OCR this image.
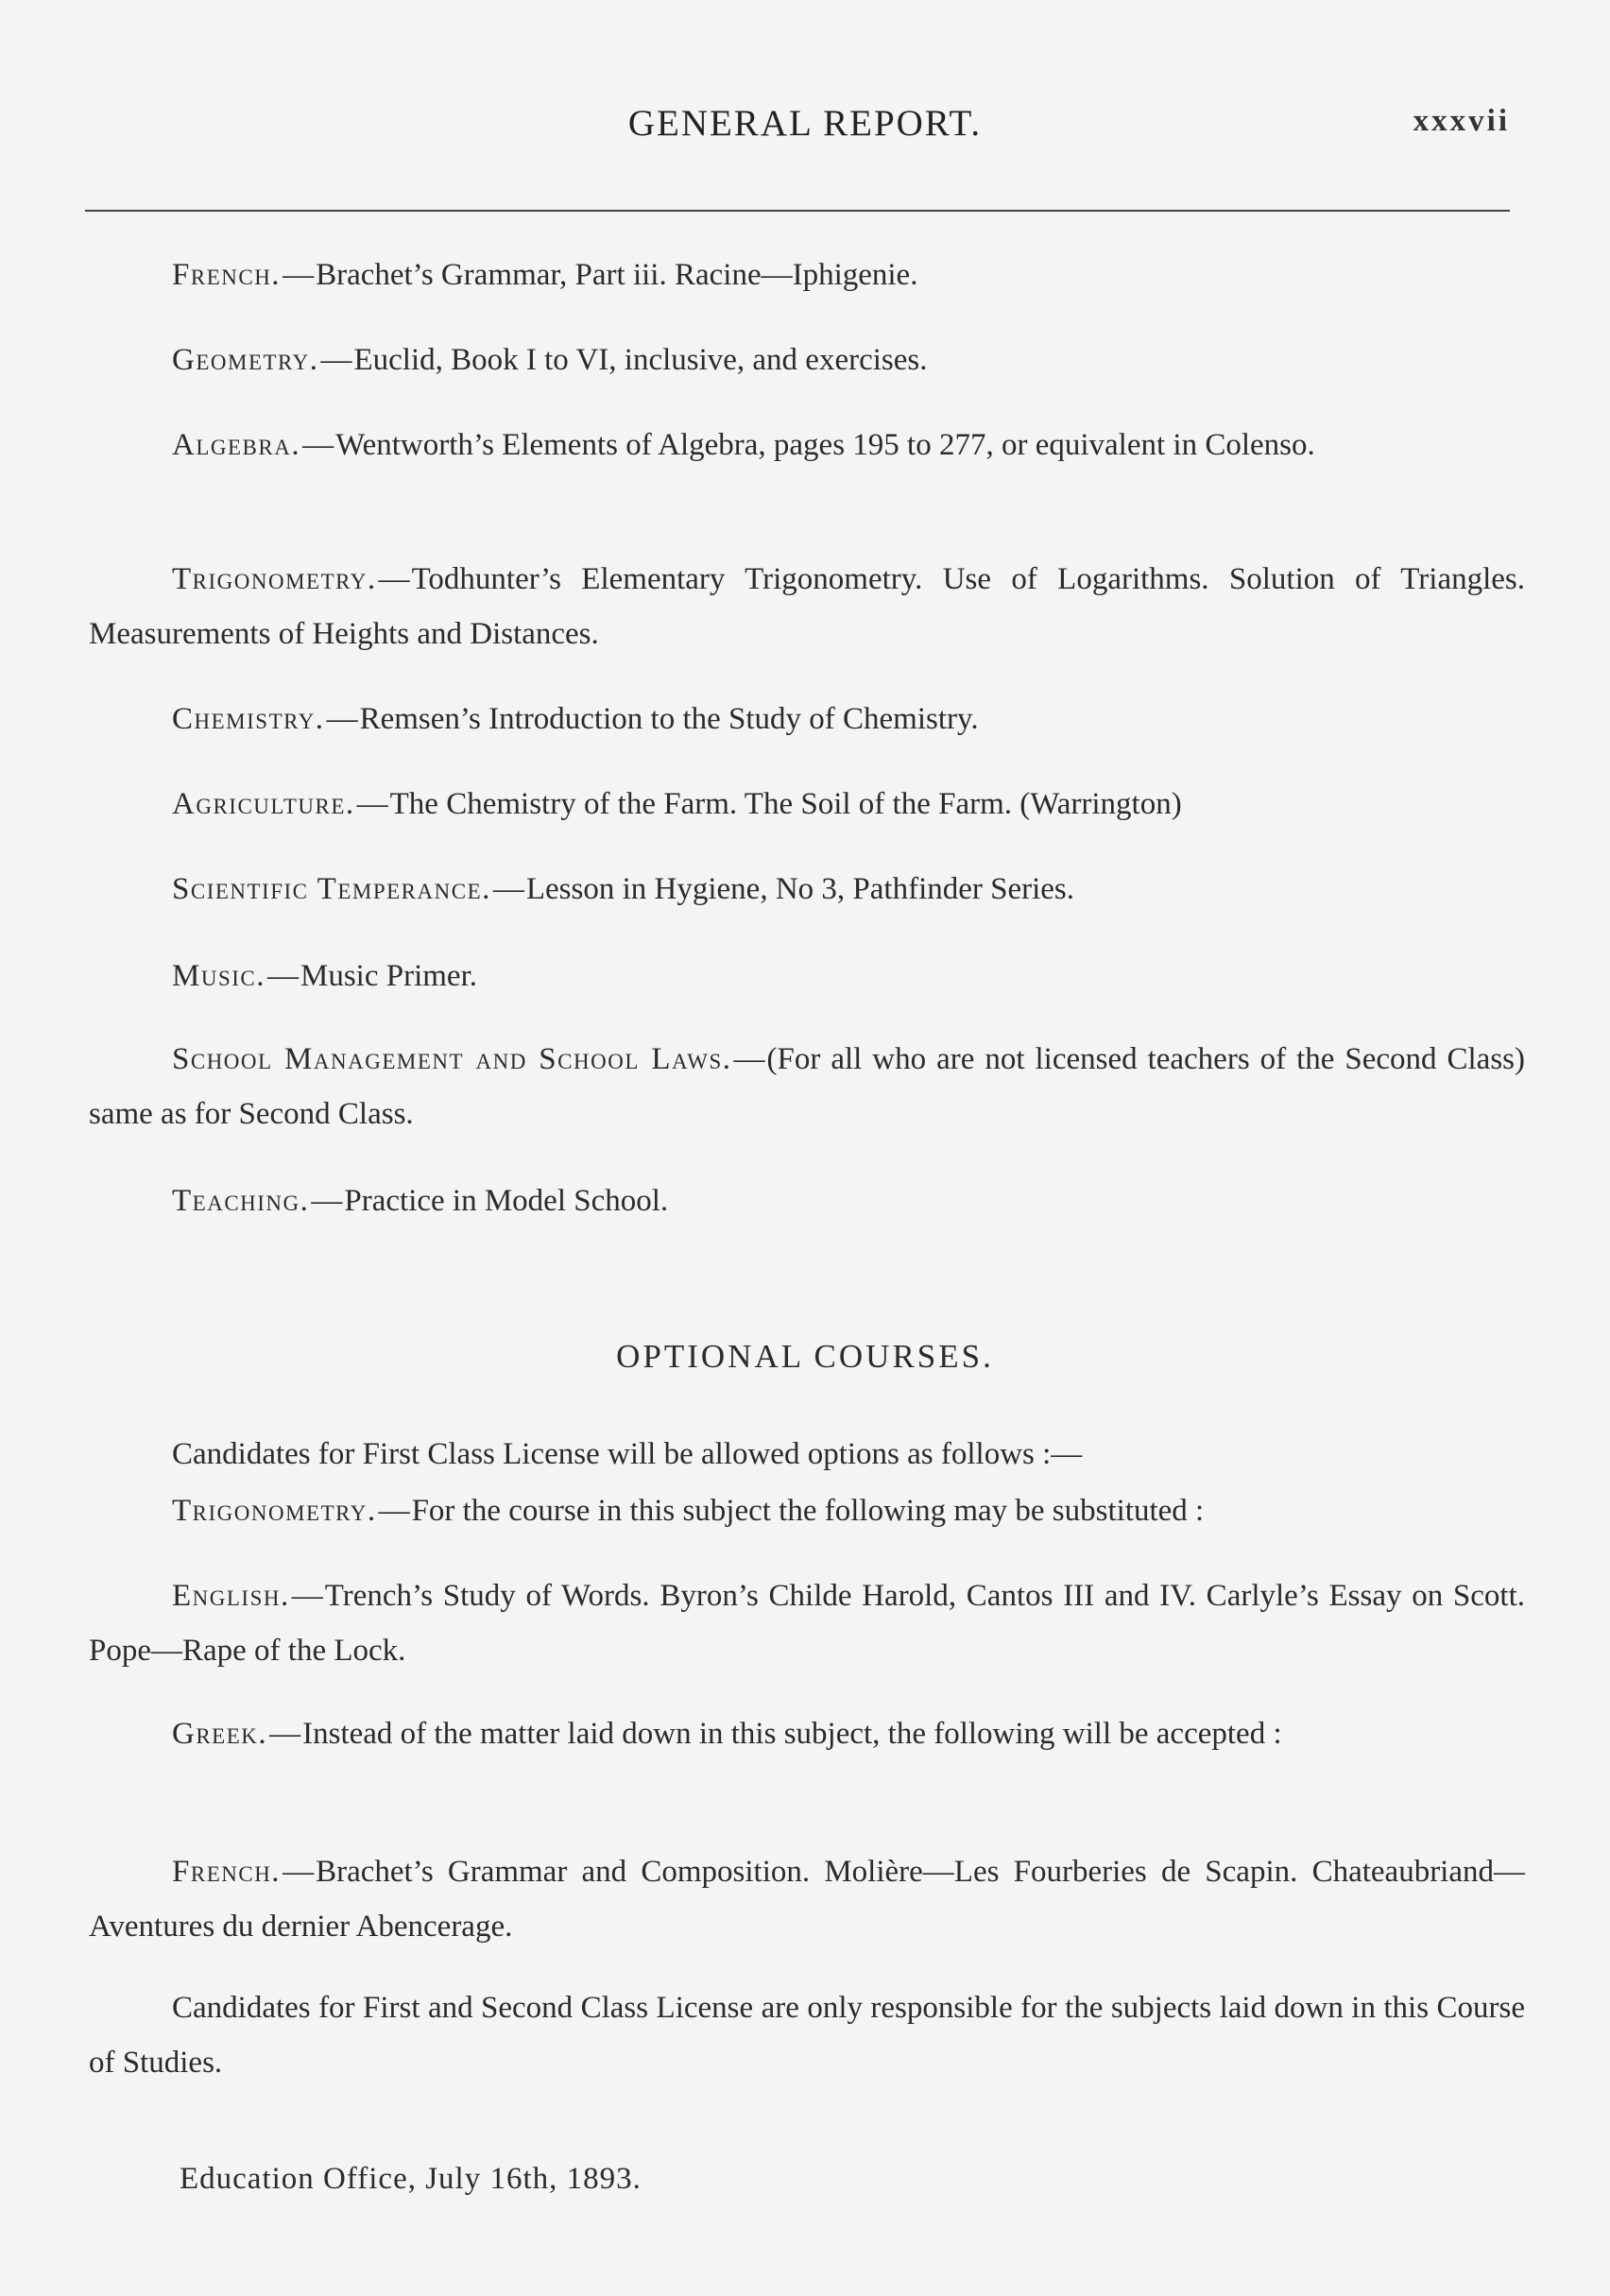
GENERAL REPORT.	xxxvii
French.—Brachet’s Grammar, Part iii. Racine—Iphigenie.
Geometry.—Euclid, Book I to VI, inclusive, and exercises.
Algebra.—Wentworth’s Elements of Algebra, pages 195 to 277, or equivalent in Colenso.
Trigonometry.—Todhunter’s Elementary Trigonometry. Use of Logarithms. Solution of Triangles. Measurements of Heights and Distances.
Chemistry.—Remsen’s Introduction to the Study of Chemistry.
Agriculture.—The Chemistry of the Farm. The Soil of the Farm. (Warrington)
Scientific Temperance.—Lesson in Hygiene, No 3, Pathfinder Series.
Music.—Music Primer.
School Management and School Laws.—(For all who are not licensed teachers of the Second Class) same as for Second Class.
Teaching.—Practice in Model School.
OPTIONAL COURSES.
Candidates for First Class License will be allowed options as follows :—
Trigonometry.—For the course in this subject the following may be substituted :
English.—Trench’s Study of Words. Byron’s Childe Harold, Cantos III and IV. Carlyle’s Essay on Scott. Pope—Rape of the Lock.
Greek.—Instead of the matter laid down in this subject, the following will be accepted :
French.—Brachet’s Grammar and Composition. Molière—Les Fourberies de Scapin. Chateaubriand—Aventures du dernier Abencerage.
Candidates for First and Second Class License are only responsible for the subjects laid down in this Course of Studies.
Education Office, July 16th, 1893.
